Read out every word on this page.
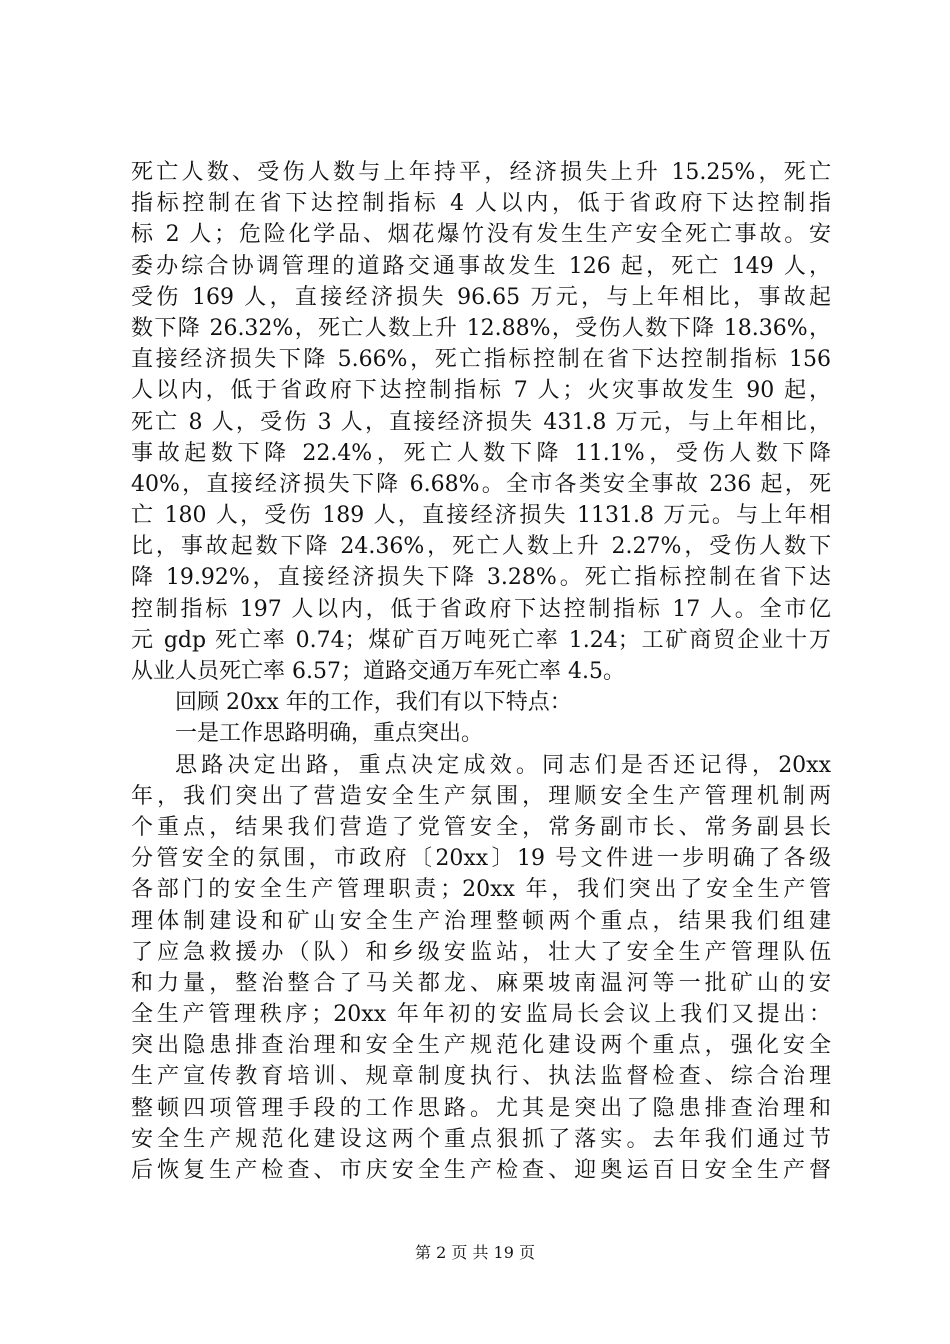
死亡人数、受伤人数与上年持平，经济损失上升 15.25%，死亡
指标控制在省下达控制指标 4 人以内，低于省政府下达控制指
标 2 人；危险化学品、烟花爆竹没有发生生产安全死亡事故。安
委办综合协调管理的道路交通事故发生 126 起，死亡 149 人，
受伤 169 人，直接经济损失 96.65 万元，与上年相比，事故起
数下降 26.32%，死亡人数上升 12.88%，受伤人数下降 18.36%，
直接经济损失下降 5.66%，死亡指标控制在省下达控制指标 156
人以内，低于省政府下达控制指标 7 人；火灾事故发生 90 起，
死亡 8 人，受伤 3 人，直接经济损失 431.8 万元，与上年相比，
事故起数下降 22.4%，死亡人数下降 11.1%，受伤人数下降
40%，直接经济损失下降 6.68%。全市各类安全事故 236 起，死
亡 180 人，受伤 189 人，直接经济损失 1131.8 万元。与上年相
比，事故起数下降 24.36%，死亡人数上升 2.27%，受伤人数下
降 19.92%，直接经济损失下降 3.28%。死亡指标控制在省下达
控制指标 197 人以内，低于省政府下达控制指标 17 人。全市亿
元 gdp 死亡率 0.74；煤矿百万吨死亡率 1.24；工矿商贸企业十万
从业人员死亡率 6.57；道路交通万车死亡率 4.5。
回顾 20xx 年的工作，我们有以下特点：
一是工作思路明确，重点突出。
思路决定出路，重点决定成效。同志们是否还记得，20xx
年，我们突出了营造安全生产氛围，理顺安全生产管理机制两
个重点，结果我们营造了党管安全，常务副市长、常务副县长
分管安全的氛围，市政府〔20xx〕19 号文件进一步明确了各级
各部门的安全生产管理职责；20xx 年，我们突出了安全生产管
理体制建设和矿山安全生产治理整顿两个重点，结果我们组建
了应急救援办（队）和乡级安监站，壮大了安全生产管理队伍
和力量，整治整合了马关都龙、麻栗坡南温河等一批矿山的安
全生产管理秩序；20xx 年年初的安监局长会议上我们又提出：
突出隐患排查治理和安全生产规范化建设两个重点，强化安全
生产宣传教育培训、规章制度执行、执法监督检查、综合治理
整顿四项管理手段的工作思路。尤其是突出了隐患排查治理和
安全生产规范化建设这两个重点狠抓了落实。去年我们通过节
后恢复生产检查、市庆安全生产检查、迎奥运百日安全生产督
第 2 页 共 19 页
